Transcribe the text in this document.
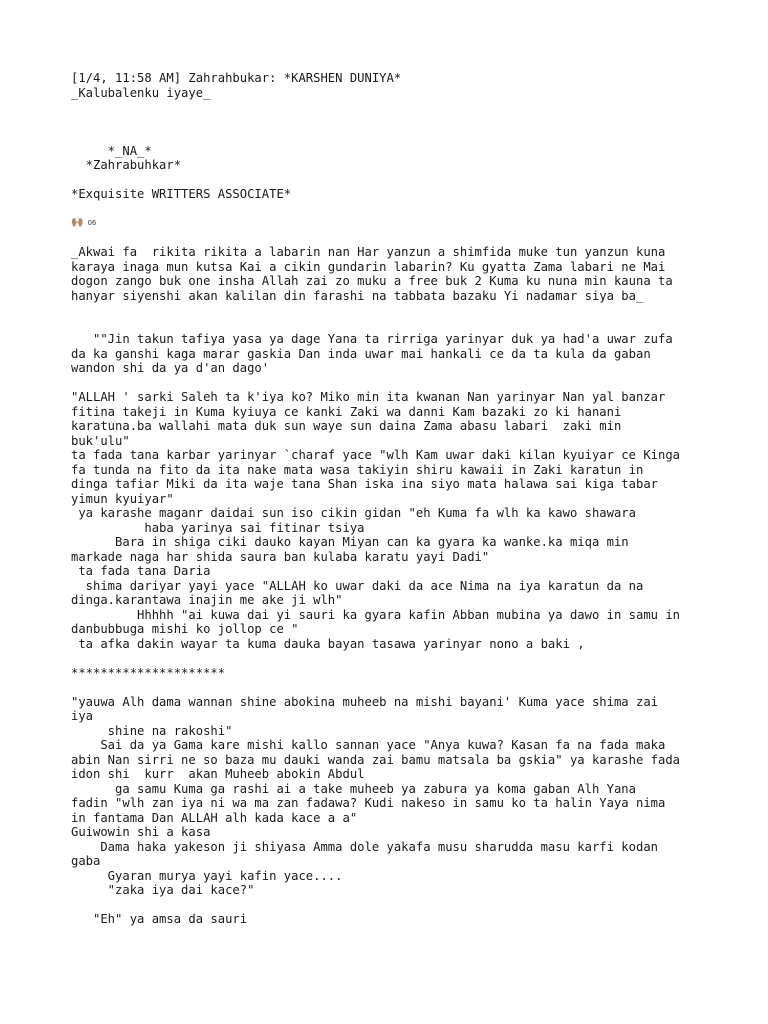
[1/4, 11:58 AM] Zahrahbukar: *KARSHEN DUNIYA*
_Kalubalenku iyaye_
*_NA_*
*Zahrabuhkar*
*Exquisite WRITTERS ASSOCIATE*
🙌🏽 06
_Akwai fa  rikita rikita a labarin nan Har yanzun a shimfida muke tun yanzun kuna
karaya inaga mun kutsa Kai a cikin gundarin labarin? Ku gyatta Zama labari ne Mai
dogon zango buk one insha Allah zai zo muku a free buk 2 Kuma ku nuna min kauna ta
hanyar siyenshi akan kalilan din farashi na tabbata bazaku Yi nadamar siya ba_
""Jin takun tafiya yasa ya dage Yana ta rirriga yarinyar duk ya had'a uwar zufa
da ka ganshi kaga marar gaskia Dan inda uwar mai hankali ce da ta kula da gaban
wandon shi da ya d'an dago'
"ALLAH ' sarki Saleh ta k'iya ko? Miko min ita kwanan Nan yarinyar Nan yal banzar
fitina takeji in Kuma kyiuya ce kanki Zaki wa danni Kam bazaki zo ki hanani
karatuna.ba wallahi mata duk sun waye sun daina Zama abasu labari  zaki min
buk'ulu"
ta fada tana karbar yarinyar `charaf yace "wlh Kam uwar daki kilan kyuiyar ce Kinga
fa tunda na fito da ita nake mata wasa takiyin shiru kawaii in Zaki karatun in
dinga tafiar Miki da ita waje tana Shan iska ina siyo mata halawa sai kiga tabar
yimun kyuiyar"
ya karashe maganr daidai sun iso cikin gidan "eh Kuma fa wlh ka kawo shawara
haba yarinya sai fitinar tsiya
Bara in shiga ciki dauko kayan Miyan can ka gyara ka wanke.ka miqa min
markade naga har shida saura ban kulaba karatu yayi Dadi"
ta fada tana Daria
shima dariyar yayi yace "ALLAH ko uwar daki da ace Nima na iya karatun da na
dinga.karantawa inajin me ake ji wlh"
Hhhhh "ai kuwa dai yi sauri ka gyara kafin Abban mubina ya dawo in samu in
danbubbuga mishi ko jollop ce "
ta afka dakin wayar ta kuma dauka bayan tasawa yarinyar nono a baki ,
*********************
"yauwa Alh dama wannan shine abokina muheeb na mishi bayani' Kuma yace shima zai
iya
shine na rakoshi"
Sai da ya Gama kare mishi kallo sannan yace "Anya kuwa? Kasan fa na fada maka
abin Nan sirri ne so baza mu dauki wanda zai bamu matsala ba gskia" ya karashe fada
idon shi  kurr  akan Muheeb abokin Abdul
ga samu Kuma ga rashi ai a take muheeb ya zabura ya koma gaban Alh Yana
fadin "wlh zan iya ni wa ma zan fadawa? Kudi nakeso in samu ko ta halin Yaya nima
in fantama Dan ALLAH alh kada kace a a"
Guiwowin shi a kasa
Dama haka yakeson ji shiyasa Amma dole yakafa musu sharudda masu karfi kodan
gaba
Gyaran murya yayi kafin yace....
"zaka iya dai kace?"
"Eh" ya amsa da sauri
